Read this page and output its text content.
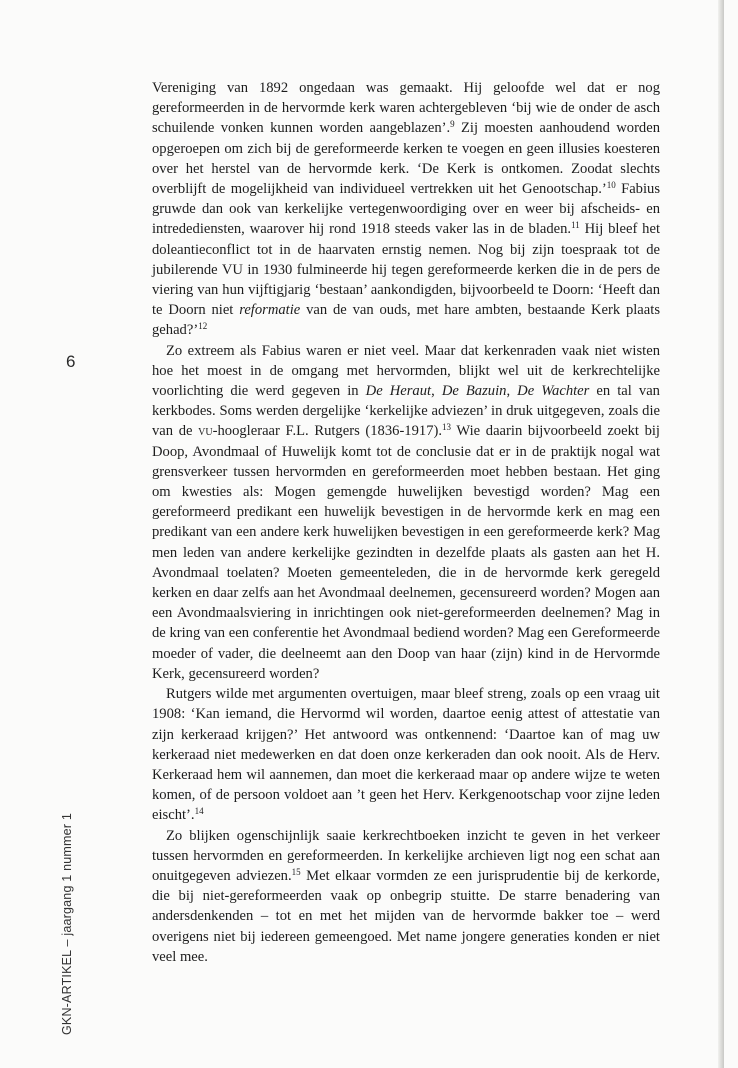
6
GKN-ARTIKEL – jaargang 1 nummer 1

Vereniging van 1892 ongedaan was gemaakt. Hij geloofde wel dat er nog gereformeerden in de hervormde kerk waren achtergebleven ‘bij wie de onder de asch schuilende vonken kunnen worden aangeblazen’.$^9$ Zij moesten aanhoudend worden opgeroepen om zich bij de gereformeerde kerken te voegen en geen illusies koesteren over het herstel van de hervormde kerk. ‘De Kerk is ontkomen. Zoodat slechts overblijft de mogelijkheid van individueel vertrekken uit het Genootschap.’$^{10}$ Fabius gruwde dan ook van kerkelijke vertegenwoordiging over en weer bij afscheids- en intredediensten, waarover hij rond 1918 steeds vaker las in de bladen.$^{11}$ Hij bleef het doleantieconflict tot in de haarvaten ernstig nemen. Nog bij zijn toespraak tot de jubilerende VU in 1930 fulmineerde hij tegen gereformeerde kerken die in de pers de viering van hun vijftigjarig ‘bestaan’ aankondigden, bijvoorbeeld te Doorn: ‘Heeft dan te Doorn niet reformatie van de van ouds, met hare ambten, bestaande Kerk plaats gehad?’$^{12}$

Zo extreem als Fabius waren er niet veel. Maar dat kerkenraden vaak niet wisten hoe het moest in de omgang met hervormden, blijkt wel uit de kerkrechtelijke voorlichting die werd gegeven in De Heraut, De Bazuin, De Wachter en tal van kerkbodes. Soms werden dergelijke ‘kerkelijke adviezen’ in druk uitgegeven, zoals die van de vu-hoogleraar F.L. Rutgers (1836-1917).$^{13}$ Wie daarin bijvoorbeeld zoekt bij Doop, Avondmaal of Huwelijk komt tot de conclusie dat er in de praktijk nogal wat grensverkeer tussen hervormden en gereformeerden moet hebben bestaan. Het ging om kwesties als: Mogen gemengde huwelijken bevestigd worden? Mag een gereformeerd predikant een huwelijk bevestigen in de hervormde kerk en mag een predikant van een andere kerk huwelijken bevestigen in een gereformeerde kerk? Mag men leden van andere kerkelijke gezindten in dezelfde plaats als gasten aan het H. Avondmaal toelaten? Moeten gemeenteleden, die in de hervormde kerk geregeld kerken en daar zelfs aan het Avondmaal deelnemen, gecensureerd worden? Mogen aan een Avondmaalsviering in inrichtingen ook niet-gereformeerden deelnemen? Mag in de kring van een conferentie het Avondmaal bediend worden? Mag een Gereformeerde moeder of vader, die deelneemt aan den Doop van haar (zijn) kind in de Hervormde Kerk, gecensureerd worden?

Rutgers wilde met argumenten overtuigen, maar bleef streng, zoals op een vraag uit 1908: ‘Kan iemand, die Hervormd wil worden, daartoe eenig attest of attestatie van zijn kerkeraad krijgen?’ Het antwoord was ontkennend: ‘Daartoe kan of mag uw kerkeraad niet medewerken en dat doen onze kerkeraden dan ook nooit. Als de Herv. Kerkeraad hem wil aannemen, dan moet die kerkeraad maar op andere wijze te weten komen, of de persoon voldoet aan ’t geen het Herv. Kerkgenootschap voor zijne leden eischt’.$^{14}$

Zo blijken ogenschijnlijk saaie kerkrechtboeken inzicht te geven in het verkeer tussen hervormden en gereformeerden. In kerkelijke archieven ligt nog een schat aan onuitgegeven adviezen.$^{15}$ Met elkaar vormden ze een jurisprudentie bij de kerkorde, die bij niet-gereformeerden vaak op onbegrip stuitte. De starre benadering van andersdenkenden – tot en met het mijden van de hervormde bakker toe – werd overigens niet bij iedereen gemeengoed. Met name jongere generaties konden er niet veel mee.
